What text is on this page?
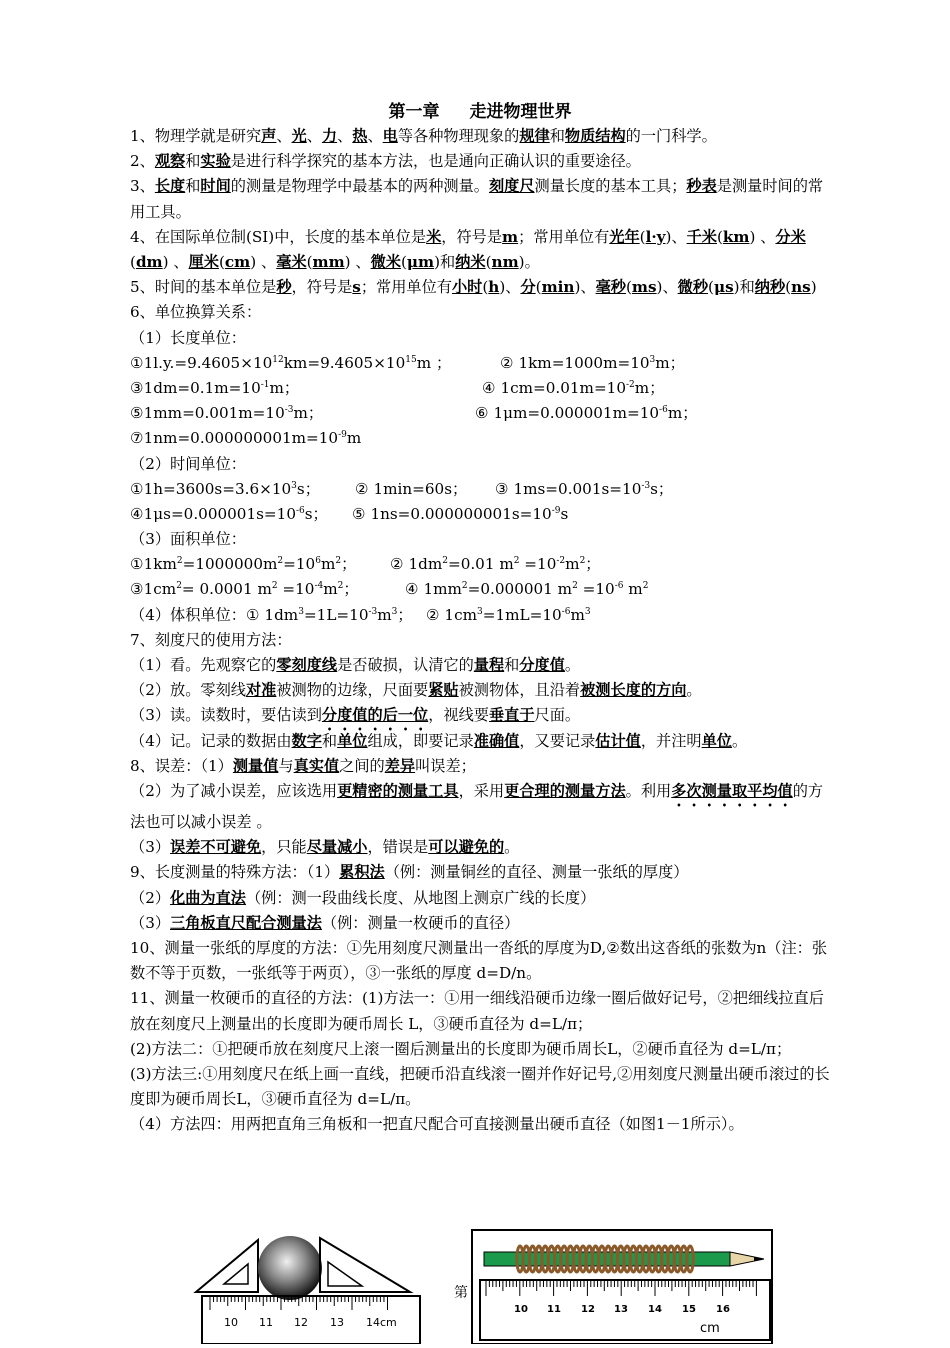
第一章 走进物理世界
1、物理学就是研究声、光、力、热、电等各种物理现象的规律和物质结构的一门科学。
2、观察和实验是进行科学探究的基本方法，也是通向正确认识的重要途径。
3、长度和时间的测量是物理学中最基本的两种测量。刻度尺测量长度的基本工具；秒表是测量时间的常用工具。
4、在国际单位制(SI)中，长度的基本单位是米，符号是m；常用单位有光年(l·y)、千米(km) 、分米(dm) 、厘米(cm) 、毫米(mm) 、微米(μm)和纳米(nm)。
5、时间的基本单位是秒，符号是s；常用单位有小时(h)、分(min)、毫秒(ms)、微秒(μs)和纳秒(ns)
6、单位换算关系：
（1）长度单位：
$①1l.y.=9.4605\times 10^{12}km=9.4605\times 10^{15}m$ ；	② $1km=1000m=10^3m$；
$③1dm=0.1m=10^{-1}m$；	④ $1cm=0.01m=10^{-2}m$；
$⑤1mm=0.001m=10^{-3}m$；	⑥ $1\mu m=0.000001m=10^{-6}m$；
$⑦1nm=0.000000001m=10^{-9}m$
（2）时间单位：
$①1h=3600s=3.6\times 10^3s$； ② 1min=60s； ③ $1ms=0.001s=10^{-3}s$；
$④1\mu s=0.000001s=10^{-6}s$； ⑤ $1ns=0.000000001s=10^{-9}s$
（3）面积单位：
$①1km^2=1000000m^2=10^6m^2$； ② $1dm^2=0.01$ $m^2 =10^{-2}m^2$；
$③1cm^2= 0.0001$ $m^2 =10^{-4}m^2$；	④ $1mm^2=0.000001$ $m^2 =10^{-6}$ $m^2$
（4）体积单位：① $1dm^3=1L=10^{-3}m^3$； ② $1cm^3=1mL=10^{-6}m^3$
7、刻度尺的使用方法：
（1）看。先观察它的零刻度线是否破损，认清它的量程和分度值。
（2）放。零刻线对准被测物的边缘，尺面要紧贴被测物体，且沿着被测长度的方向。
（3）读。读数时，要估读到分度值的后一位，视线要垂直于尺面。
（4）记。记录的数据由数字和单位组成，即要记录准确值，又要记录估计值，并注明单位。
8、误差：（1）测量值与真实值之间的差异叫误差；
（2）为了减小误差，应该选用更精密的测量工具，采用更合理的测量方法。利用多次测量取平均值的方法也可以减小误差 。
（3）误差不可避免，只能尽量减小，错误是可以避免的。
9、长度测量的特殊方法：（1）累积法（例：测量铜丝的直径、测量一张纸的厚度）
（2）化曲为直法（例：测一段曲线长度、从地图上测京广线的长度）
（3）三角板直尺配合测量法（例：测量一枚硬币的直径）
10、测量一张纸的厚度的方法：①先用刻度尺测量出一沓纸的厚度为D,②数出这沓纸的张数为n（注：张数不等于页数，一张纸等于两页），③一张纸的厚度 d=D/n。
11、测量一枚硬币的直径的方法：(1)方法一：①用一细线沿硬币边缘一圈后做好记号，②把细线拉直后放在刻度尺上测量出的长度即为硬币周长 L，③硬币直径为 d=L/π；
(2)方法二：①把硬币放在刻度尺上滚一圈后测量出的长度即为硬币周长L，②硬币直径为 d=L/π；
(3)方法三:①用刻度尺在纸上画一直线，把硬币沿直线滚一圈并作好记号,②用刻度尺测量出硬币滚过的长度即为硬币周长L，③硬币直径为 d=L/π。
（4）方法四：用两把直角三角板和一把直尺配合可直接测量出硬币直径（如图1－1所示）。
10 11 12 13 14cm
10 11 12 13 14 15 16
cm
第
